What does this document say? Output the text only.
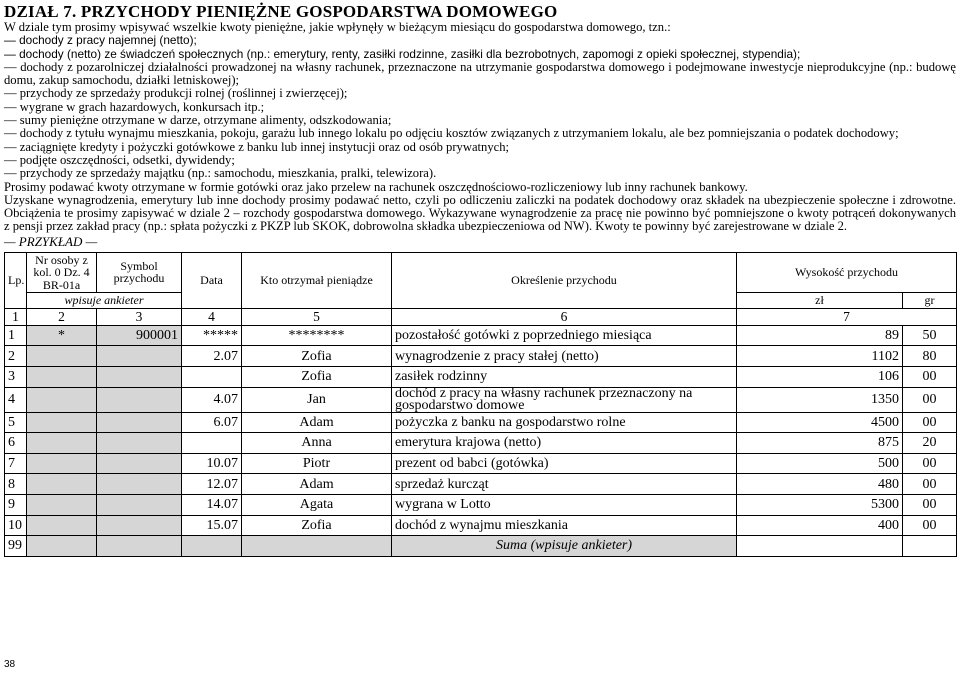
DZIAŁ 7. PRZYCHODY PIENIĘŻNE GOSPODARSTWA DOMOWEGO

W dziale tym prosimy wpisywać wszelkie kwoty pieniężne, jakie wpłynęły w bieżącym miesiącu do gospodarstwa domowego, tzn.:

— dochody z pracy najemnej (netto);

— dochody (netto) ze świadczeń społecznych (np.: emerytury, renty, zasiłki rodzinne, zasiłki dla bezrobotnych, zapomogi z opieki społecznej, stypendia);

— dochody z pozarolniczej działalności prowadzonej na własny rachunek, przeznaczone na utrzymanie gospodarstwa domowego i podejmowane inwestycje nieprodukcyjne (np.: budowę domu, zakup samochodu, działki letniskowej);

— przychody ze sprzedaży produkcji rolnej (roślinnej i zwierzęcej);

— wygrane w grach hazardowych, konkursach itp.;

— sumy pieniężne otrzymane w darze, otrzymane alimenty, odszkodowania;

— dochody z tytułu wynajmu mieszkania, pokoju, garażu lub innego lokalu po odjęciu kosztów związanych z utrzymaniem lokalu, ale bez pomniejszania o podatek dochodowy;

— zaciągnięte kredyty i pożyczki gotówkowe z banku lub innej instytucji oraz od osób prywatnych;

— podjęte oszczędności, odsetki, dywidendy;

— przychody ze sprzedaży majątku (np.: samochodu, mieszkania, pralki, telewizora).

Prosimy podawać kwoty otrzymane w formie gotówki oraz jako przelew na rachunek oszczędnościowo-rozliczeniowy lub inny rachunek bankowy.

Uzyskane wynagrodzenia, emerytury lub inne dochody prosimy podawać netto, czyli po odliczeniu zaliczki na podatek dochodowy oraz składek na ubezpieczenie społeczne i zdrowotne. Obciążenia te prosimy zapisywać w dziale 2 – rozchody gospodarstwa domowego. Wykazywane wynagrodzenie za pracę nie powinno być pomniejszone o kwoty potrąceń dokonywanych z pensji przez zakład pracy (np.: spłata pożyczki z PKZP lub SKOK, dobrowolna składka ubezpieczeniowa od NW). Kwoty te powinny być zarejestrowane w dziale 2.

— PRZYKŁAD —
Lp.	Nr osoby z kol. 0 Dz. 4 BR-01a	Symbol przychodu	Data	Kto otrzymał pieniądze	Określenie przychodu	Wysokość przychodu	
	wpisuje ankieter					zł	gr
1	2	3	4	5	6	7	
1	*	900001	*****	********	pozostałość gotówki z poprzedniego miesiąca	89	50
2			2.07	Zofia	wynagrodzenie z pracy stałej (netto)	1102	80
3				Zofia	zasiłek rodzinny	106	00
4			4.07	Jan	dochód z pracy na własny rachunek przeznaczony na gospodarstwo domowe	1350	00
5			6.07	Adam	pożyczka z banku na gospodarstwo rolne	4500	00
6				Anna	emerytura krajowa (netto)	875	20
7			10.07	Piotr	prezent od babci (gotówka)	500	00
8			12.07	Adam	sprzedaż kurcząt	480	00
9			14.07	Agata	wygrana w Lotto	5300	00
10			15.07	Zofia	dochód z wynajmu mieszkania	400	00
99					Suma (wpisuje ankieter)		
38
